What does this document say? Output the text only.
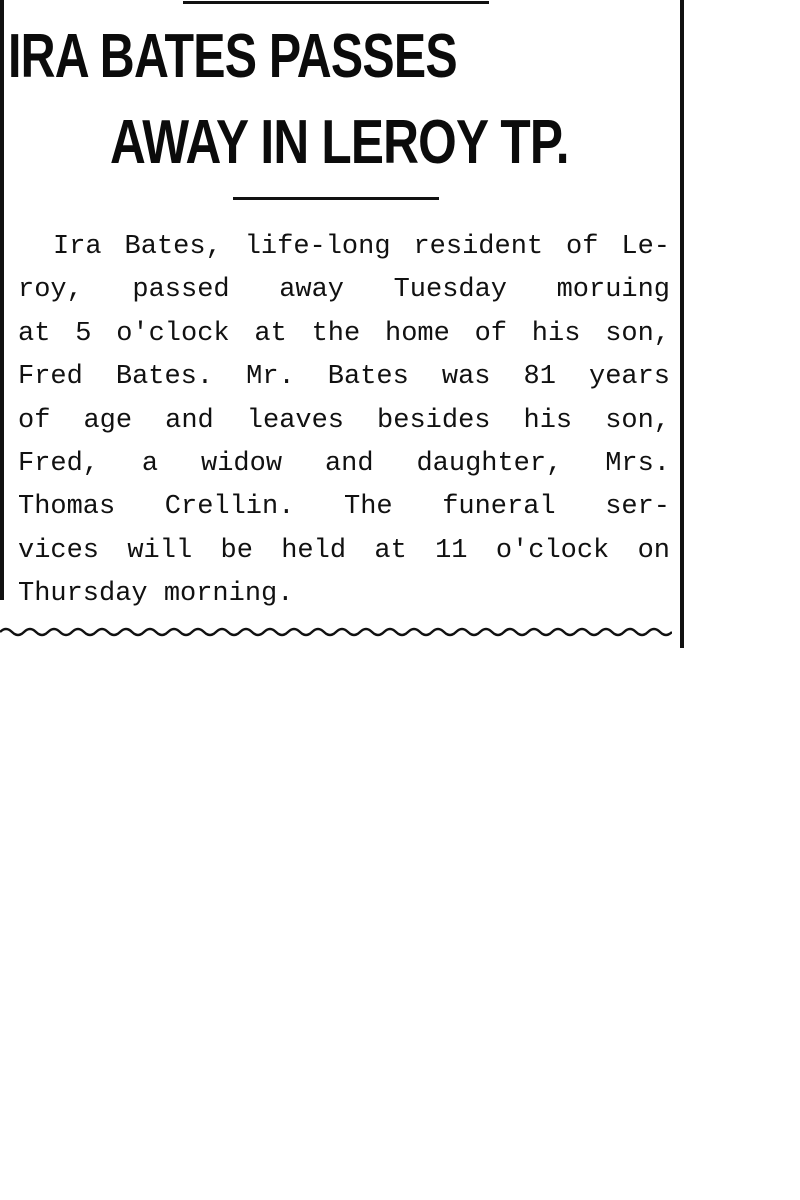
IRA BATES PASSES
AWAY IN LEROY TP.

Ira Bates, life-long resident of Le-
roy, passed away Tuesday moruing
at 5 o'clock at the home of his son,
Fred Bates. Mr. Bates was 81 years
of age and leaves besides his son,
Fred, a widow and daughter, Mrs.
Thomas Crellin. The funeral ser-
vices will be held at 11 o'clock on
Thursday morning.
